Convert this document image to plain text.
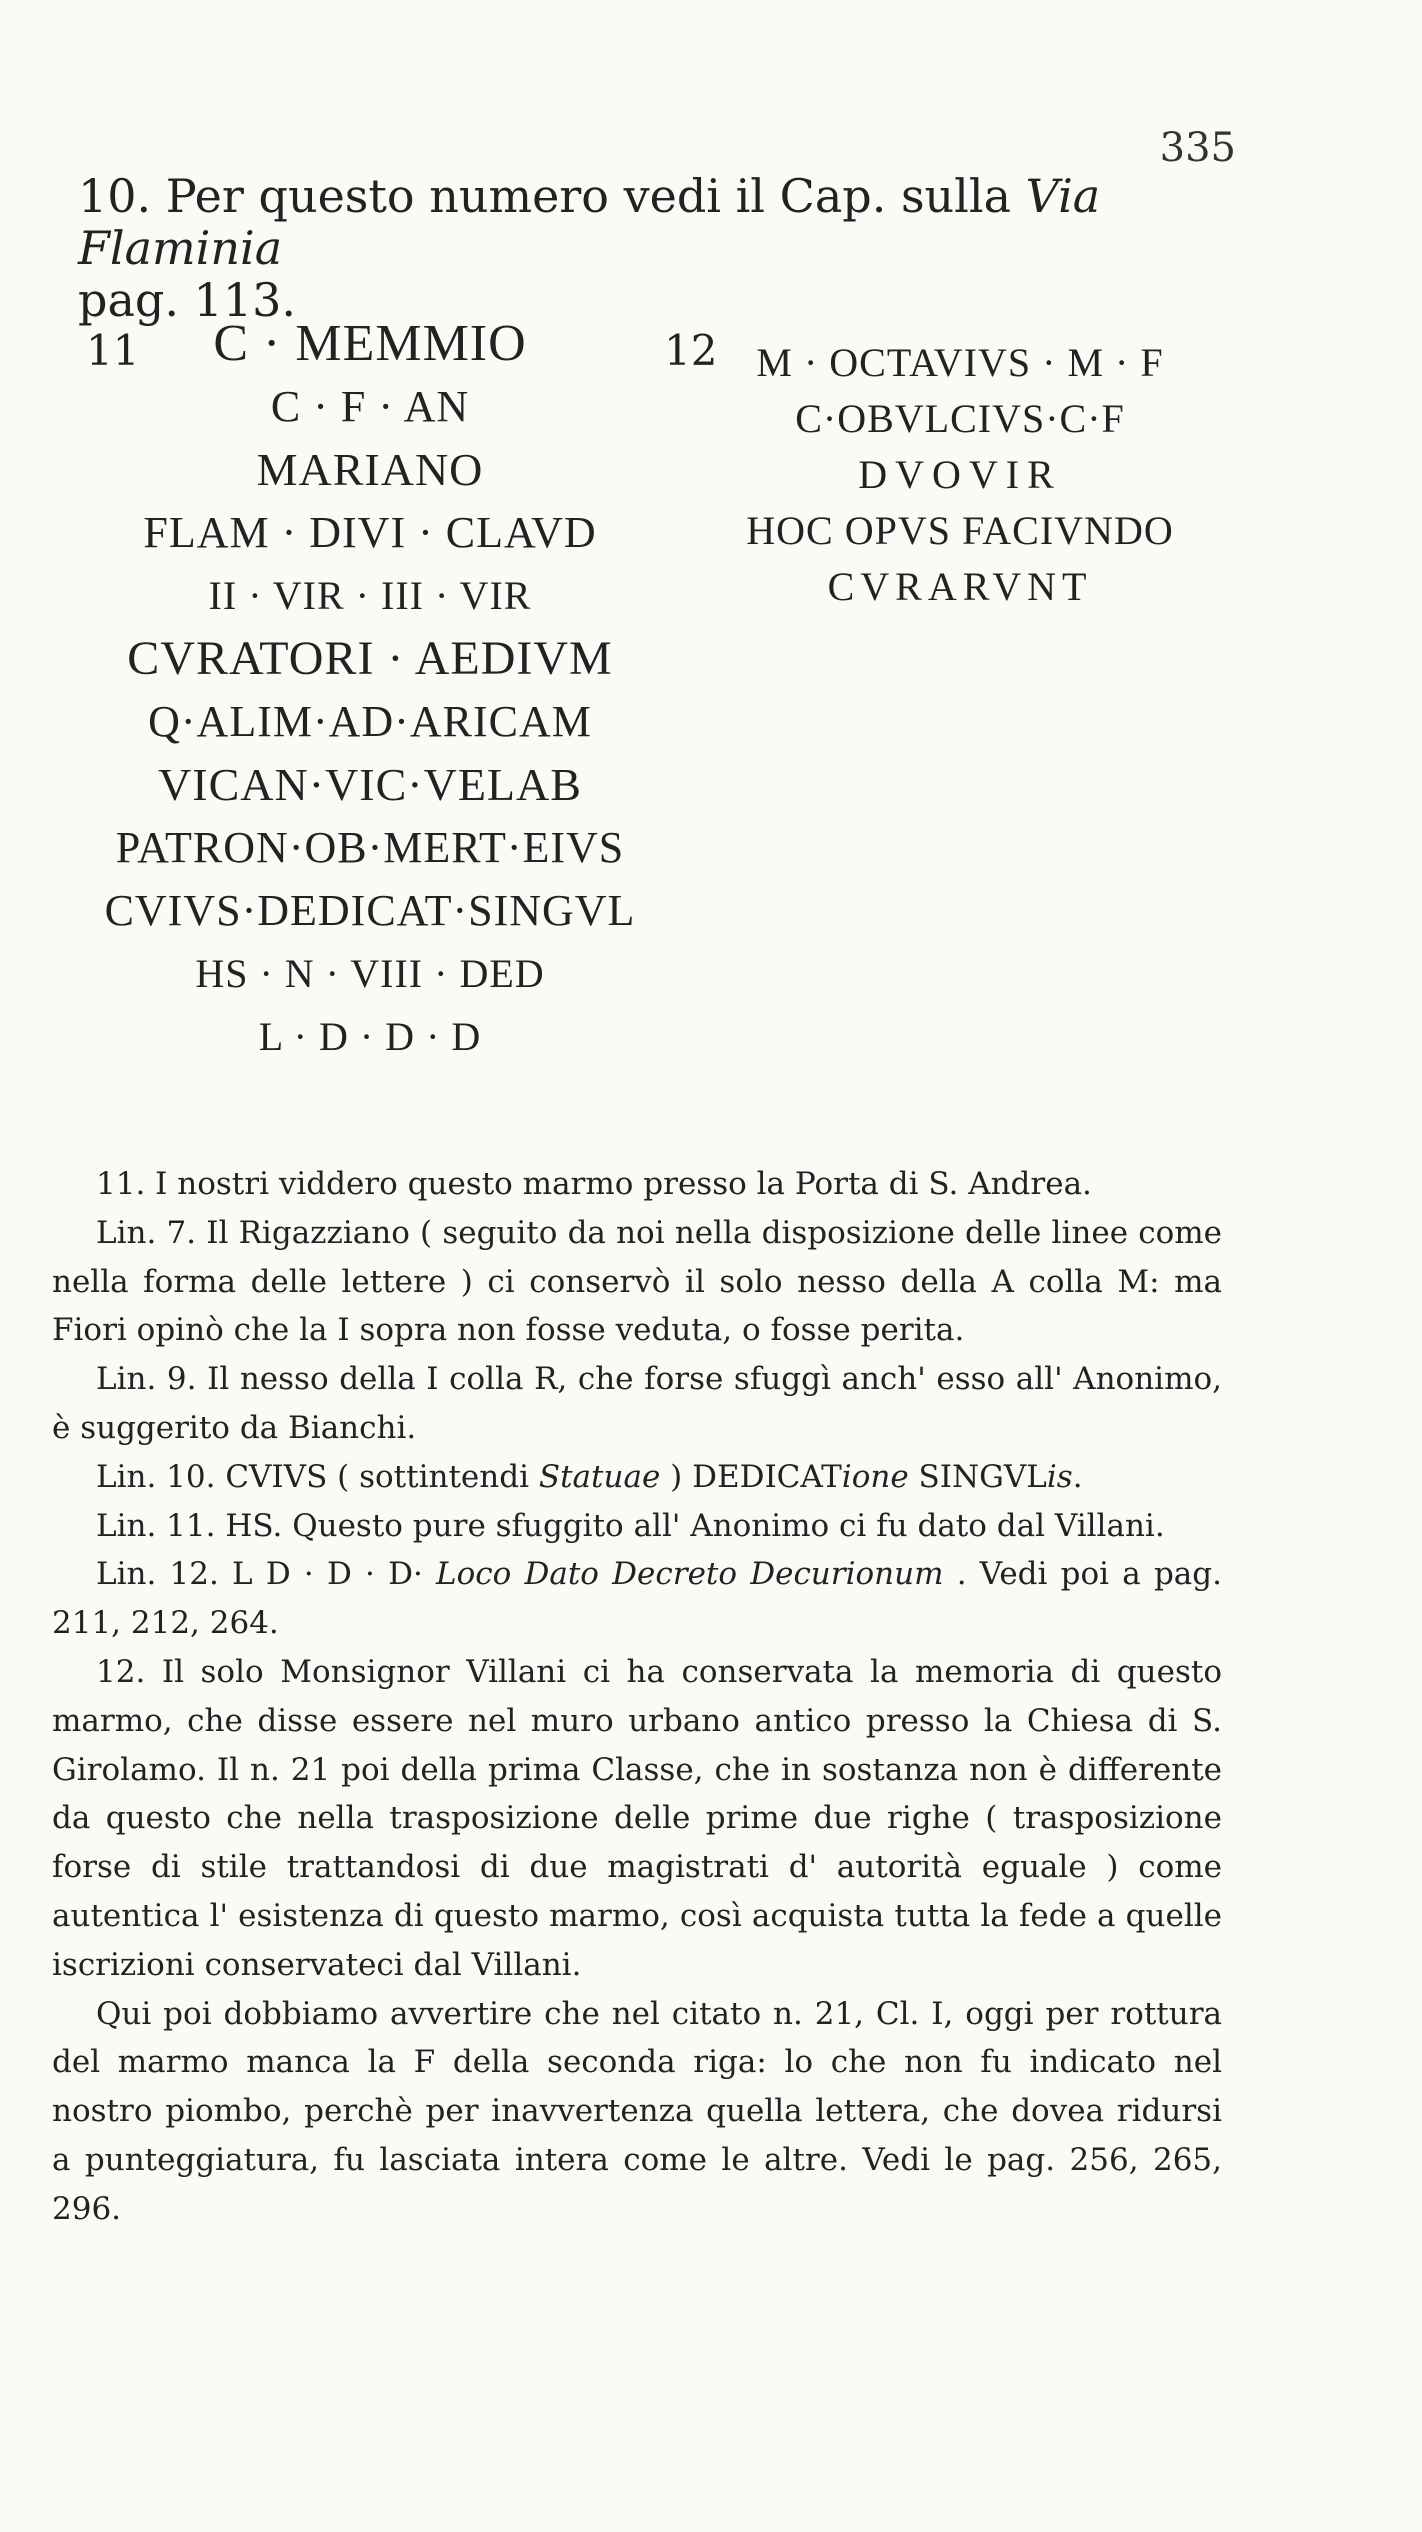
335
10. Per questo numero vedi il Cap. sulla Via Flaminia
pag. 113.
11	C · MEMMIO
C · F · AN
MARIANO
FLAM · DIVI · CLAVD
II · VIR · III · VIR
CVRATORI · AEDIVM
Q·ALIM·AD·ARICAM
VICAN·VIC·VELAB
PATRON·OB·MERT·EIVS
CVIVS·DEDICAT·SINGVL
HS · N · VIII · DED
L · D · D · D
12 M · OCTAVIVS · M · F
C·OBVLCIVS·C·F
DVOVIR
HOC OPVS FACIVNDO
CVRARVNT

11. I nostri viddero questo marmo presso la Porta di S. Andrea.

Lin. 7. Il Rigazziano ( seguito da noi nella disposizione delle linee come nella forma delle lettere ) ci conservò il solo nesso della A colla M: ma Fiori opinò che la I sopra non fosse veduta, o fosse perita.

Lin. 9. Il nesso della I colla R, che forse sfuggì anch' esso all' Anonimo, è suggerito da Bianchi.

Lin. 10. CVIVS ( sottintendi Statuae ) DEDICATione SINGVLis.

Lin. 11. HS. Questo pure sfuggito all' Anonimo ci fu dato dal Villani.

Lin. 12. L D · D · D· Loco Dato Decreto Decurionum . Vedi poi a pag. 211, 212, 264.

12. Il solo Monsignor Villani ci ha conservata la memoria di questo marmo, che disse essere nel muro urbano antico presso la Chiesa di S. Girolamo. Il n. 21 poi della prima Classe, che in sostanza non è differente da questo che nella trasposizione delle prime due righe ( trasposizione forse di stile trattandosi di due magistrati d' autorità eguale ) come autentica l' esistenza di questo marmo, così acquista tutta la fede a quelle iscrizioni conservateci dal Villani.

Qui poi dobbiamo avvertire che nel citato n. 21, Cl. I, oggi per rottura del marmo manca la F della seconda riga: lo che non fu indicato nel nostro piombo, perchè per inavvertenza quella lettera, che dovea ridursi a punteggiatura, fu lasciata intera come le altre. Vedi le pag. 256, 265, 296.
